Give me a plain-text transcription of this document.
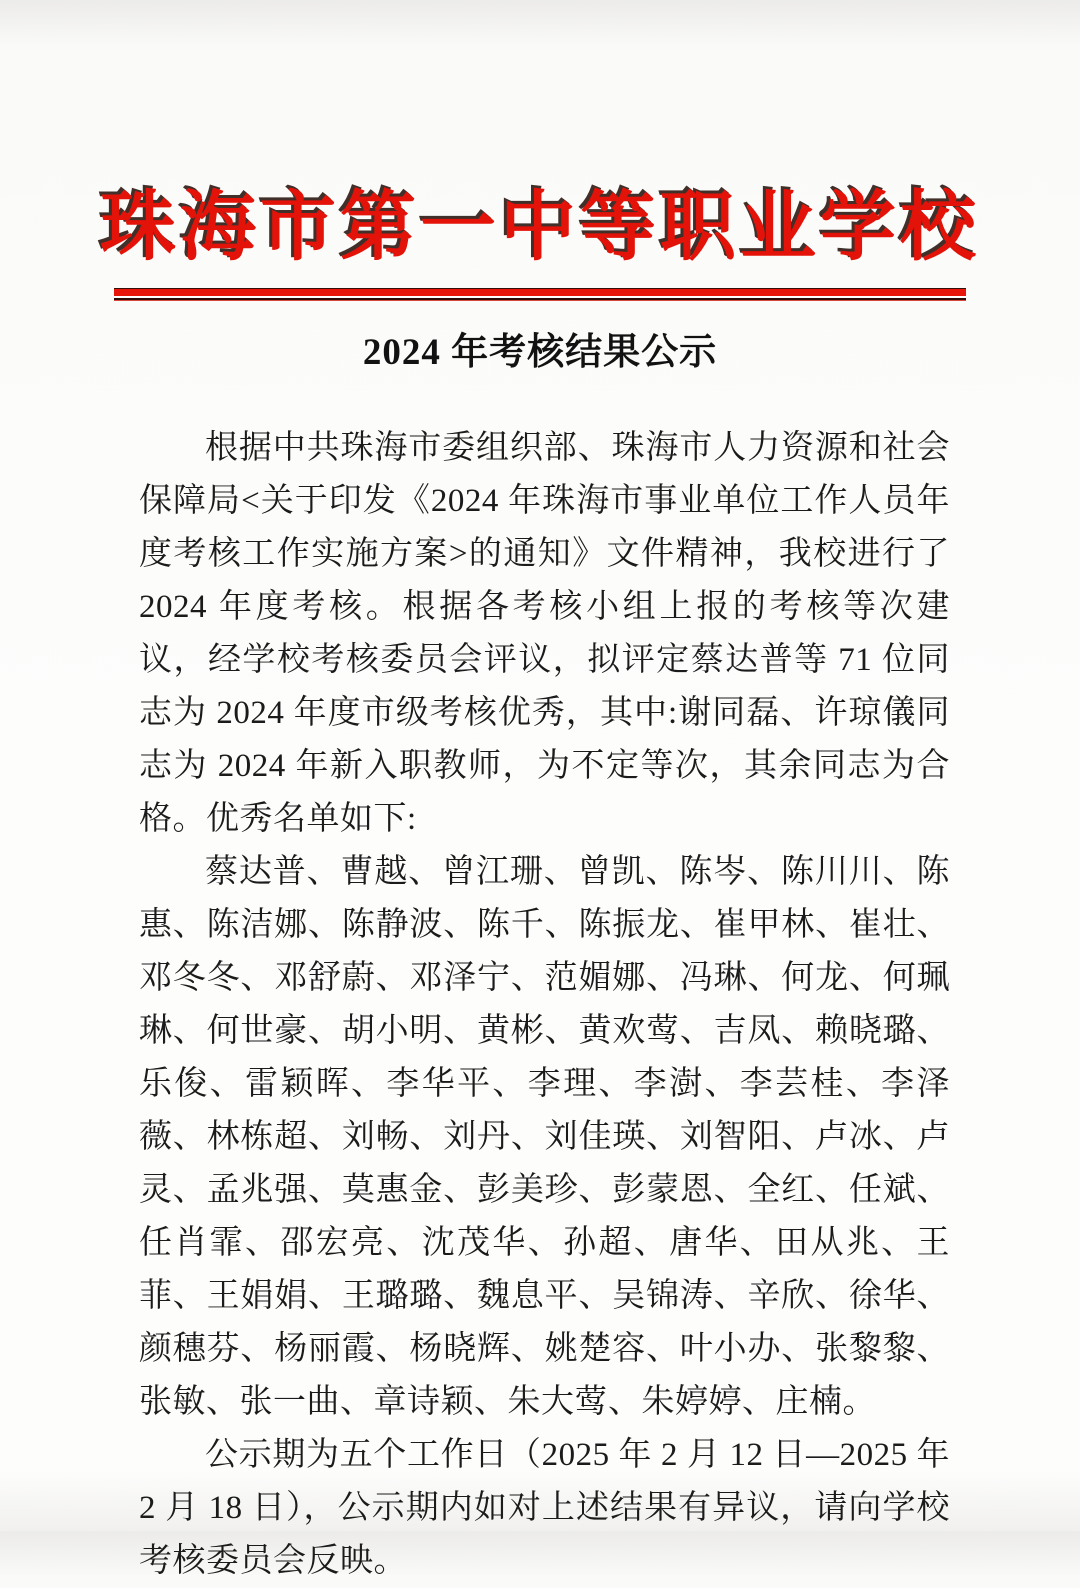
珠海市第一中等职业学校
2024 年考核结果公示

根据中共珠海市委组织部、珠海市人力资源和社会保障局<关于印发《2024 年珠海市事业单位工作人员年度考核工作实施方案>的通知》文件精神，我校进行了 2024 年度考核。根据各考核小组上报的考核等次建议，经学校考核委员会评议，拟评定蔡达普等 71 位同志为 2024 年度市级考核优秀，其中:谢同磊、许琼儀同志为 2024 年新入职教师，为不定等次，其余同志为合格。优秀名单如下:

蔡达普、曹越、曾江珊、曾凯、陈岑、陈川川、陈惠、陈洁娜、陈静波、陈千、陈振龙、崔甲林、崔壮、邓冬冬、邓舒蔚、邓泽宁、范媚娜、冯琳、何龙、何珮琳、何世豪、胡小明、黄彬、黄欢莺、吉凤、赖晓璐、乐俊、雷颖晖、李华平、李理、李澍、李芸桂、李泽薇、林栋超、刘畅、刘丹、刘佳瑛、刘智阳、卢冰、卢灵、孟兆强、莫惠金、彭美珍、彭蒙恩、全红、任斌、任肖霏、邵宏亮、沈茂华、孙超、唐华、田从兆、王菲、王娟娟、王璐璐、魏息平、吴锦涛、辛欣、徐华、颜穗芬、杨丽霞、杨晓辉、姚楚容、叶小办、张黎黎、张敏、张一曲、章诗颖、朱大莺、朱婷婷、庄楠。

公示期为五个工作日（2025 年 2 月 12 日—2025 年 2 月 18 日），公示期内如对上述结果有异议，请向学校考核委员会反映。
